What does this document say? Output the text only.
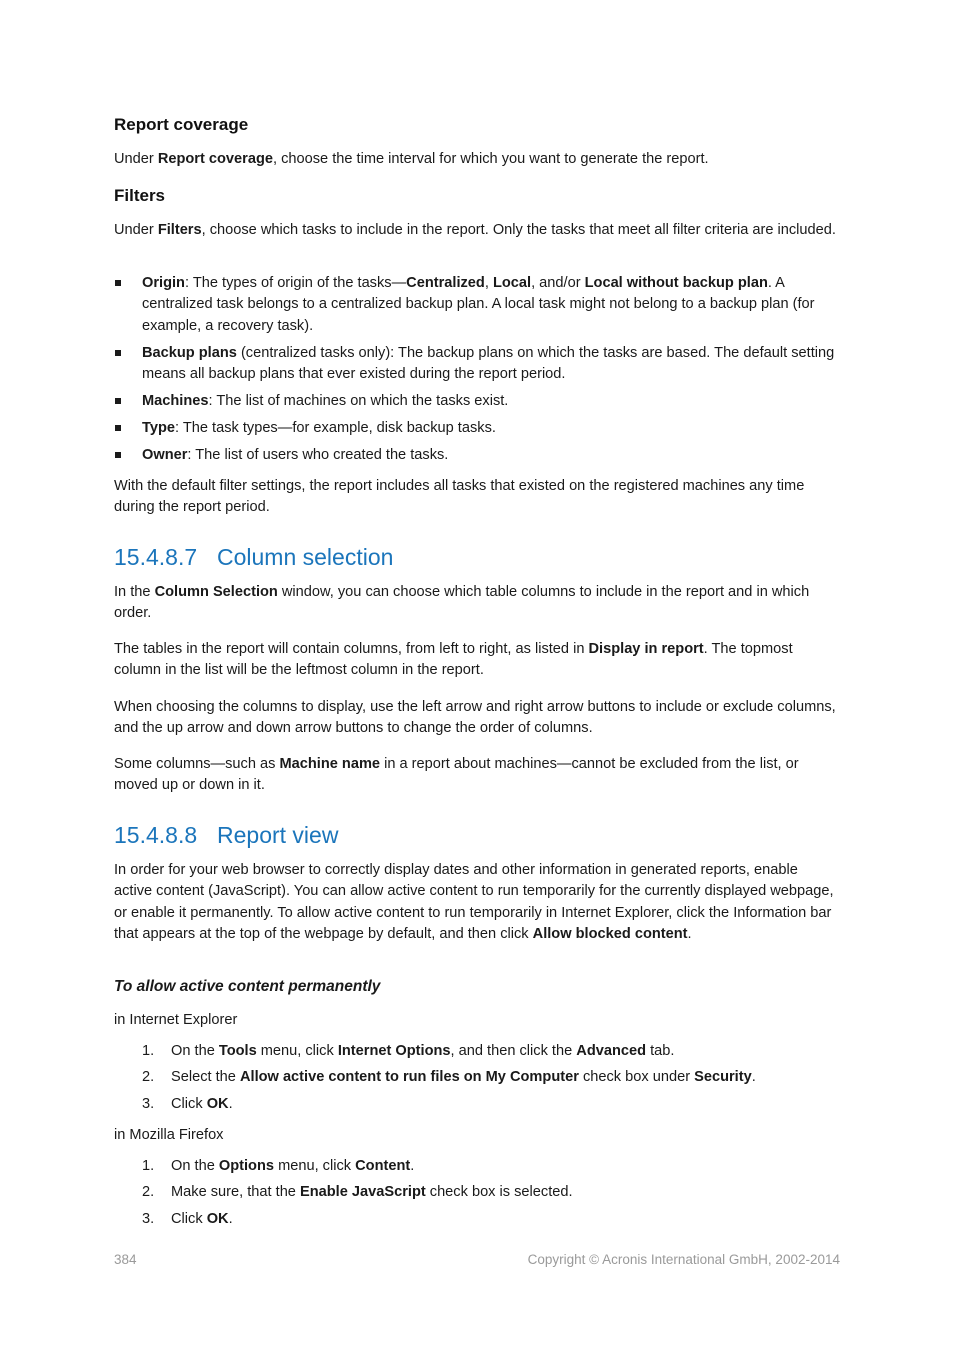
Report coverage

Under Report coverage, choose the time interval for which you want to generate the report.

Filters

Under Filters, choose which tasks to include in the report. Only the tasks that meet all filter criteria are included.

Origin: The types of origin of the tasks—Centralized, Local, and/or Local without backup plan. A centralized task belongs to a centralized backup plan. A local task might not belong to a backup plan (for example, a recovery task).
Backup plans (centralized tasks only): The backup plans on which the tasks are based. The default setting means all backup plans that ever existed during the report period.
Machines: The list of machines on which the tasks exist.
Type: The task types—for example, disk backup tasks.
Owner: The list of users who created the tasks.

With the default filter settings, the report includes all tasks that existed on the registered machines any time during the report period.

15.4.8.7 Column selection

In the Column Selection window, you can choose which table columns to include in the report and in which order.

The tables in the report will contain columns, from left to right, as listed in Display in report. The topmost column in the list will be the leftmost column in the report.

When choosing the columns to display, use the left arrow and right arrow buttons to include or exclude columns, and the up arrow and down arrow buttons to change the order of columns.

Some columns—such as Machine name in a report about machines—cannot be excluded from the list, or moved up or down in it.

15.4.8.8 Report view

In order for your web browser to correctly display dates and other information in generated reports, enable active content (JavaScript). You can allow active content to run temporarily for the currently displayed webpage, or enable it permanently. To allow active content to run temporarily in Internet Explorer, click the Information bar that appears at the top of the webpage by default, and then click Allow blocked content.

To allow active content permanently

in Internet Explorer

1.	On the Tools menu, click Internet Options, and then click the Advanced tab.
2.	Select the Allow active content to run files on My Computer check box under Security.
3.	Click OK.

in Mozilla Firefox

1.	On the Options menu, click Content.
2.	Make sure, that the Enable JavaScript check box is selected.
3.	Click OK.
384	Copyright © Acronis International GmbH, 2002-2014
